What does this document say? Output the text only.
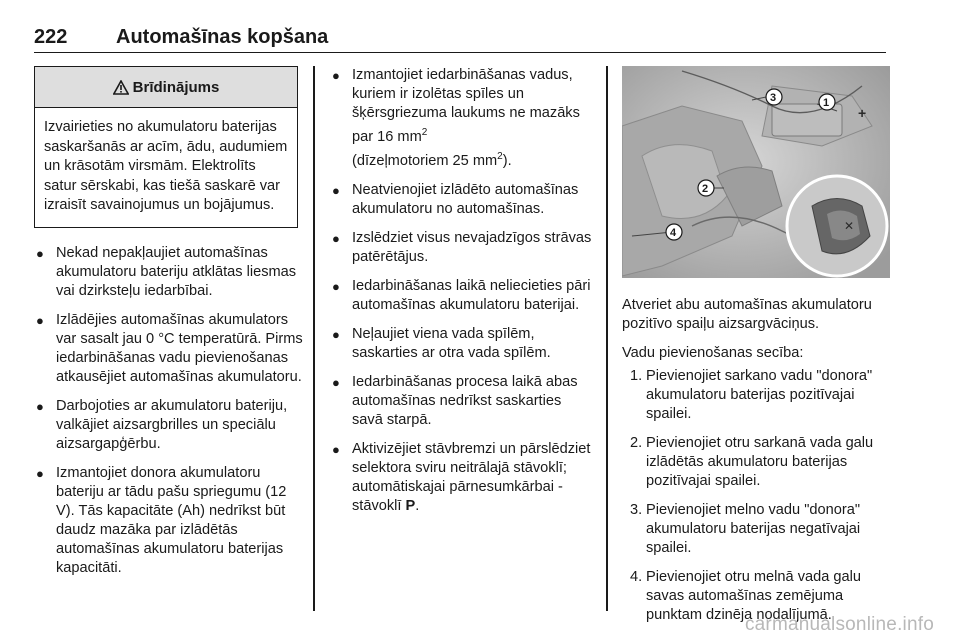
222 Automašīnas kopšana
Brīdinājums
Izvairieties no akumulatoru baterijas saskaršanās ar acīm, ādu, audumiem un krāsotām virsmām. Elektrolīts satur sērskabi, kas tiešā saskarē var izraisīt savainojumus un bojājumus.
● Nekad nepakļaujiet automašīnas akumulatoru bateriju atklātas liesmas vai dzirksteļu iedarbībai.
● Izlādējies automašīnas akumulators var sasalt jau 0 °C temperatūrā. Pirms iedarbināšanas vadu pievienošanas atkausējiet automašīnas akumulatoru.
● Darbojoties ar akumulatoru bateriju, valkājiet aizsargbrilles un speciālu aizsargapģērbu.
● Izmantojiet donora akumulatoru bateriju ar tādu pašu spriegumu (12 V). Tās kapacitāte (Ah) nedrīkst būt daudz mazāka par izlādētās automašīnas akumulatoru baterijas kapacitāti.
● Izmantojiet iedarbināšanas vadus, kuriem ir izolētas spīles un šķērsgriezuma laukums ne mazāks par 16 $mm^2$
(dīzeļmotoriem 25 $mm^2$).
● Neatvienojiet izlādēto automašīnas akumulatoru no automašīnas.
● Izslēdziet visus nevajadzīgos strāvas patērētājus.
● Iedarbināšanas laikā neliecieties pāri automašīnas akumulatoru baterijai.
● Neļaujiet viena vada spīlēm, saskarties ar otra vada spīlēm.
● Iedarbināšanas procesa laikā abas automašīnas nedrīkst saskarties savā starpā.
● Aktivizējiet stāvbremzi un pārslēdziet selektora sviru neitrālajā stāvoklī; automātiskajai pārnesumkārbai - stāvoklī P.
✕
+
1
2
3
4

Atveriet abu automašīnas akumulatoru pozitīvo spaiļu aizsargvāciņus.

Vadu pievienošanas secība:

1. Pievienojiet sarkano vadu "donora" akumulatoru baterijas pozitīvajai spailei.
2. Pievienojiet otru sarkanā vada galu izlādētās akumulatoru baterijas pozitīvajai spailei.
3. Pievienojiet melno vadu "donora" akumulatoru baterijas negatīvajai spailei.
4. Pievienojiet otru melnā vada galu savas automašīnas zemējuma punktam dzinēja nodalījumā.
carmanualsonline.info
